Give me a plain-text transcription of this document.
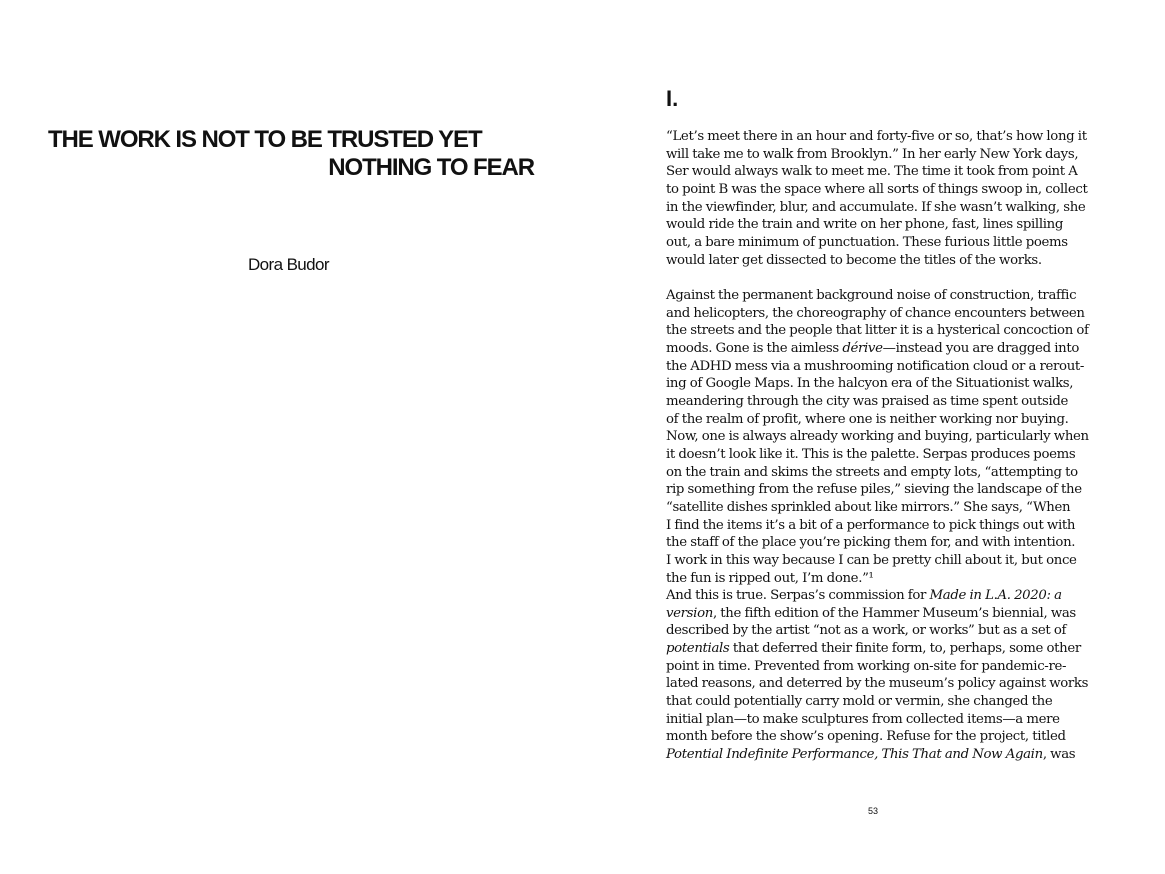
THE WORK IS NOT TO BE TRUSTED YET
NOTHING TO FEAR
Dora Budor
I.

“Let’s meet there in an hour and forty-five or so, that’s how long it
will take me to walk from Brooklyn.” In her early New York days,
Ser would always walk to meet me. The time it took from point A
to point B was the space where all sorts of things swoop in, collect
in the viewfinder, blur, and accumulate. If she wasn’t walking, she
would ride the train and write on her phone, fast, lines spilling
out, a bare minimum of punctuation. These furious little poems
would later get dissected to become the titles of the works.

Against the permanent background noise of construction, traffic
and helicopters, the choreography of chance encounters between
the streets and the people that litter it is a hysterical concoction of
moods. Gone is the aimless dérive—instead you are dragged into
the ADHD mess via a mushrooming notification cloud or a rerout-
ing of Google Maps. In the halcyon era of the Situationist walks,
meandering through the city was praised as time spent outside
of the realm of profit, where one is neither working nor buying.
Now, one is always already working and buying, particularly when
it doesn’t look like it. This is the palette. Serpas produces poems
on the train and skims the streets and empty lots, “attempting to
rip something from the refuse piles,” sieving the landscape of the
“satellite dishes sprinkled about like mirrors.” She says, “When
I find the items it’s a bit of a performance to pick things out with
the staff of the place you’re picking them for, and with intention.
I work in this way because I can be pretty chill about it, but once
the fun is ripped out, I’m done.”¹
And this is true. Serpas’s commission for Made in L.A. 2020: a
version, the fifth edition of the Hammer Museum’s biennial, was
described by the artist “not as a work, or works” but as a set of
potentials that deferred their finite form, to, perhaps, some other
point in time. Prevented from working on-site for pandemic-re-
lated reasons, and deterred by the museum’s policy against works
that could potentially carry mold or vermin, she changed the
initial plan—to make sculptures from collected items—a mere
month before the show’s opening. Refuse for the project, titled
Potential Indefinite Performance, This That and Now Again, was

53
